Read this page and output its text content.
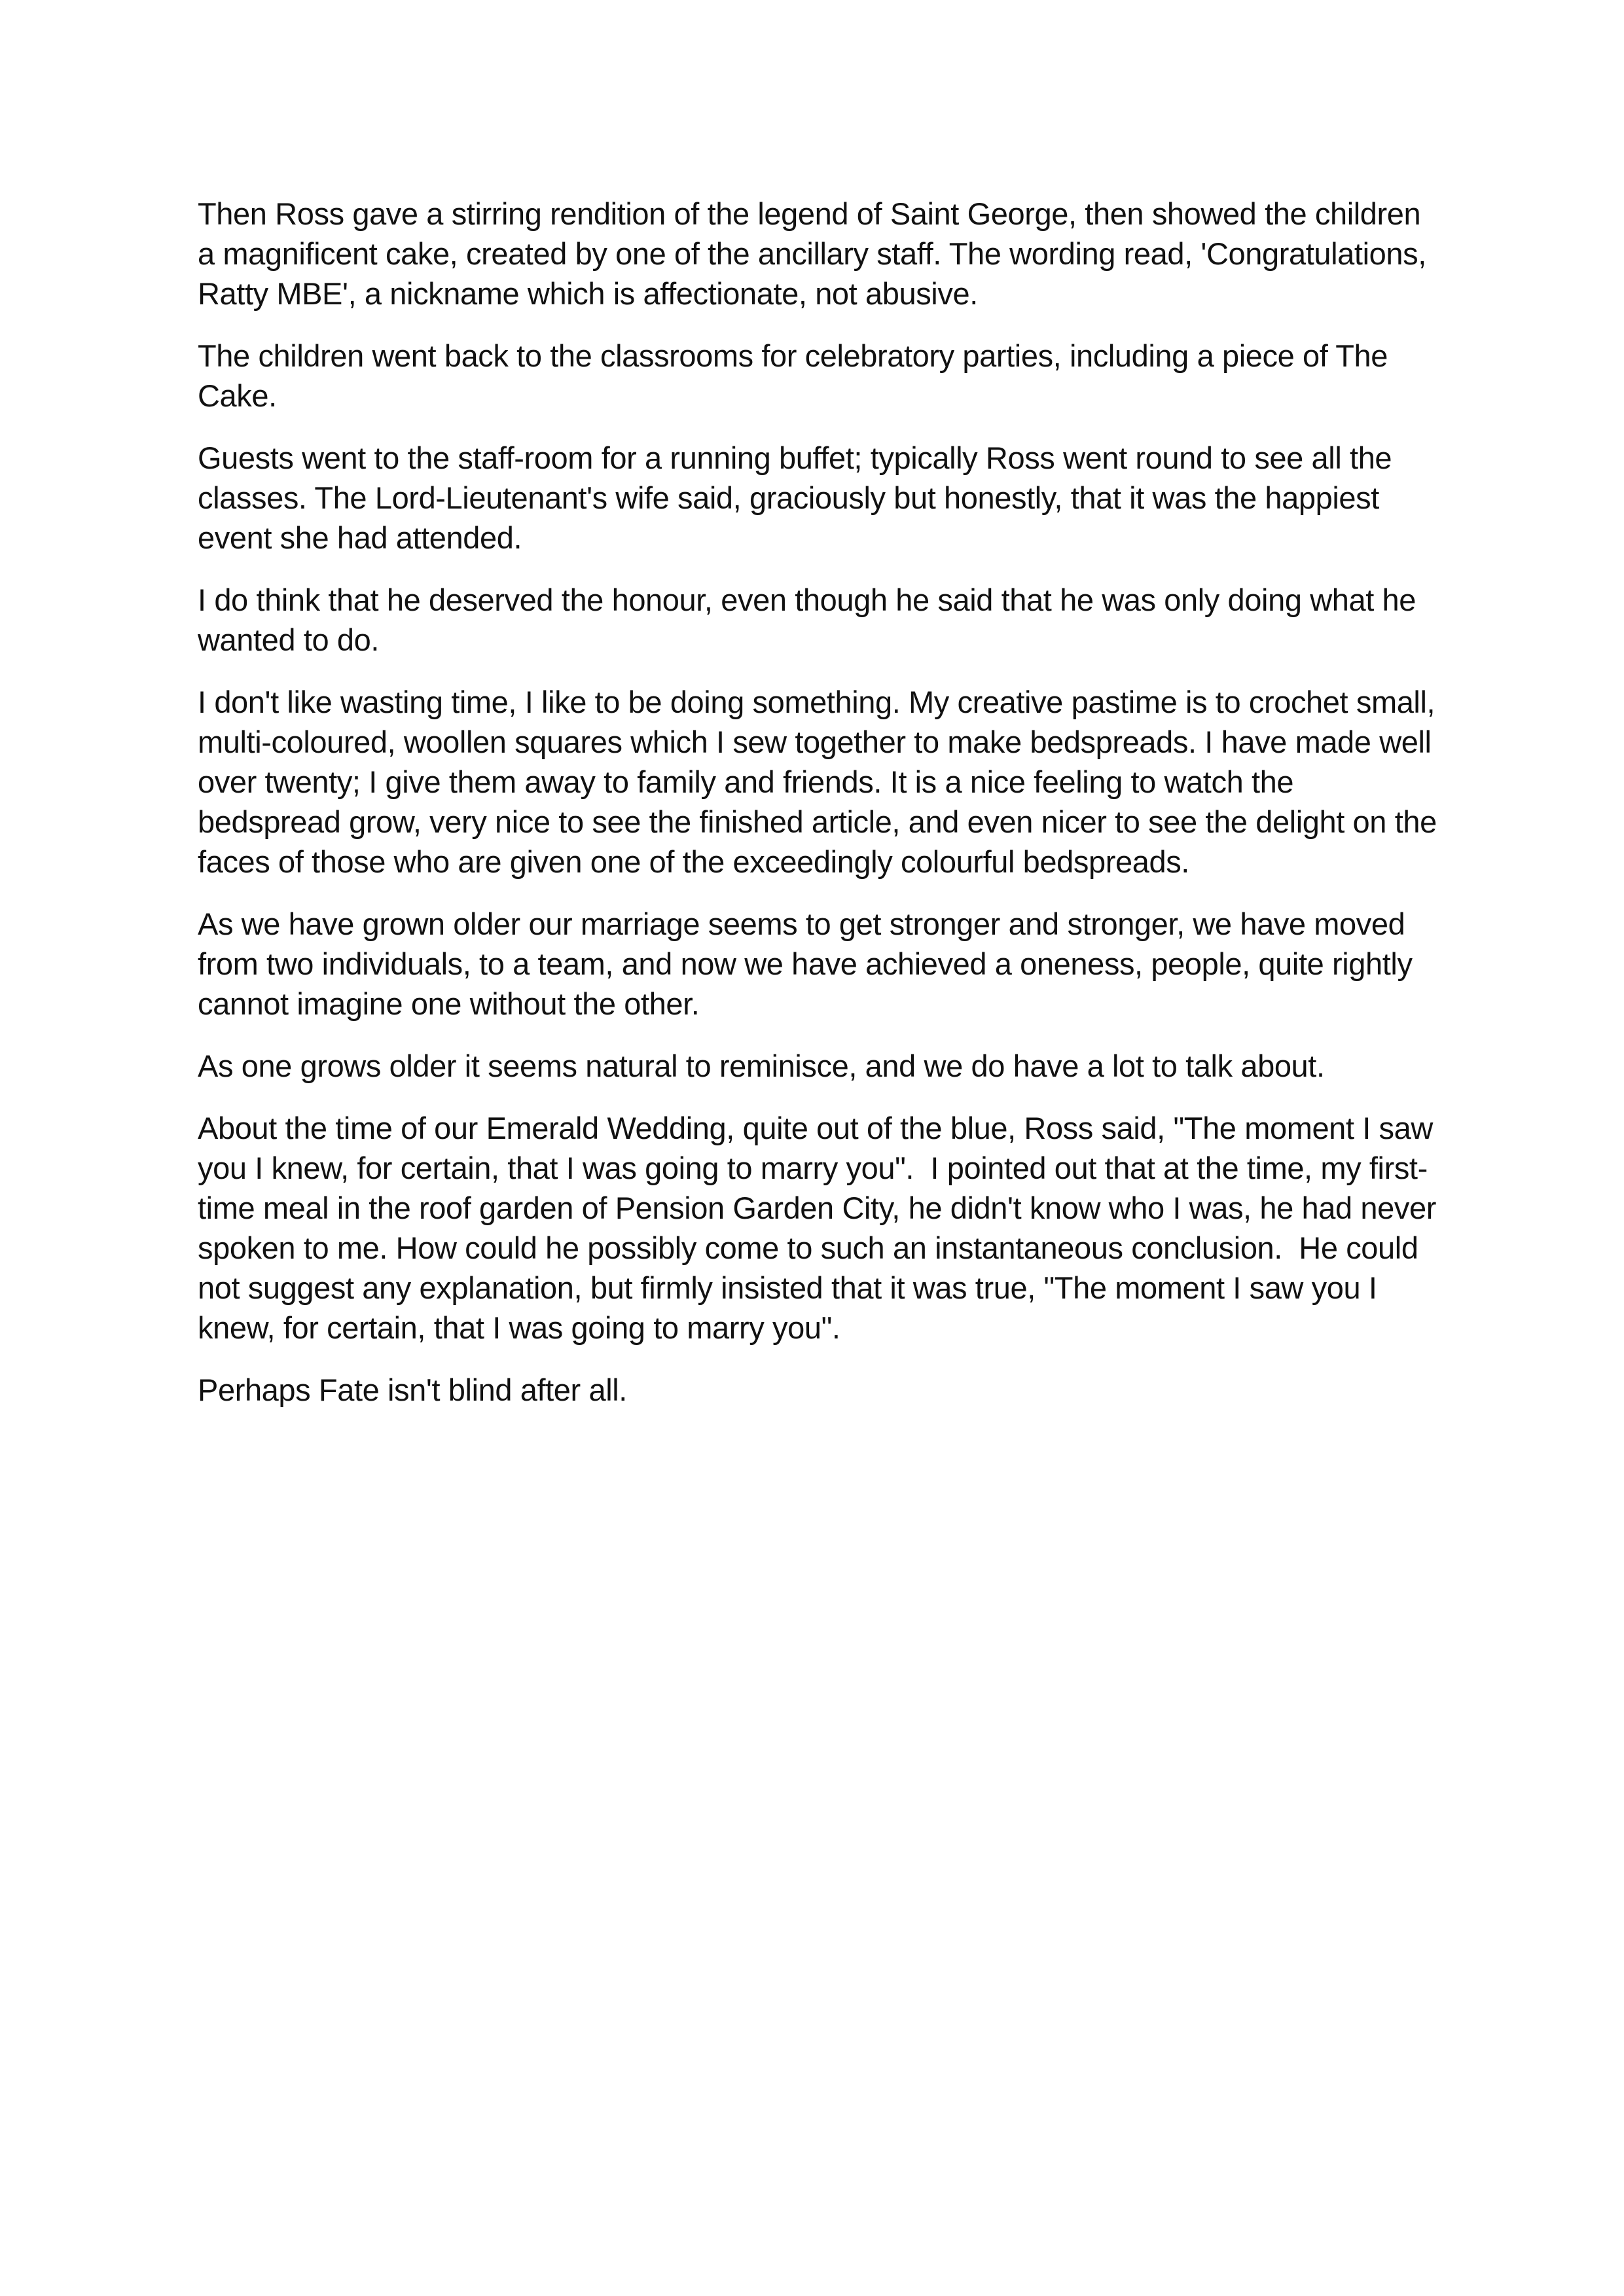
Then Ross gave a stirring rendition of the legend of Saint George, then showed the children a magnificent cake, created by one of the ancillary staff. The wording read, 'Congratulations, Ratty MBE', a nickname which is affectionate, not abusive.

The children went back to the classrooms for celebratory parties, including a piece of The Cake.

Guests went to the staff-room for a running buffet; typically Ross went round to see all the classes. The Lord-Lieutenant's wife said, graciously but honestly, that it was the happiest event she had attended.

I do think that he deserved the honour, even though he said that he was only doing what he wanted to do.

I don't like wasting time, I like to be doing something. My creative pastime is to crochet small, multi-coloured, woollen squares which I sew together to make bedspreads. I have made well over twenty; I give them away to family and friends. It is a nice feeling to watch the bedspread grow, very nice to see the finished article, and even nicer to see the delight on the faces of those who are given one of the exceedingly colourful bedspreads.

As we have grown older our marriage seems to get stronger and stronger, we have moved from two individuals, to a team, and now we have achieved a oneness, people, quite rightly cannot imagine one without the other.

As one grows older it seems natural to reminisce, and we do have a lot to talk about.

About the time of our Emerald Wedding, quite out of the blue, Ross said, "The moment I saw you I knew, for certain, that I was going to marry you".  I pointed out that at the time, my first-time meal in the roof garden of Pension Garden City, he didn't know who I was, he had never spoken to me. How could he possibly come to such an instantaneous conclusion.  He could not suggest any explanation, but firmly insisted that it was true, "The moment I saw you I knew, for certain, that I was going to marry you".

Perhaps Fate isn't blind after all.
